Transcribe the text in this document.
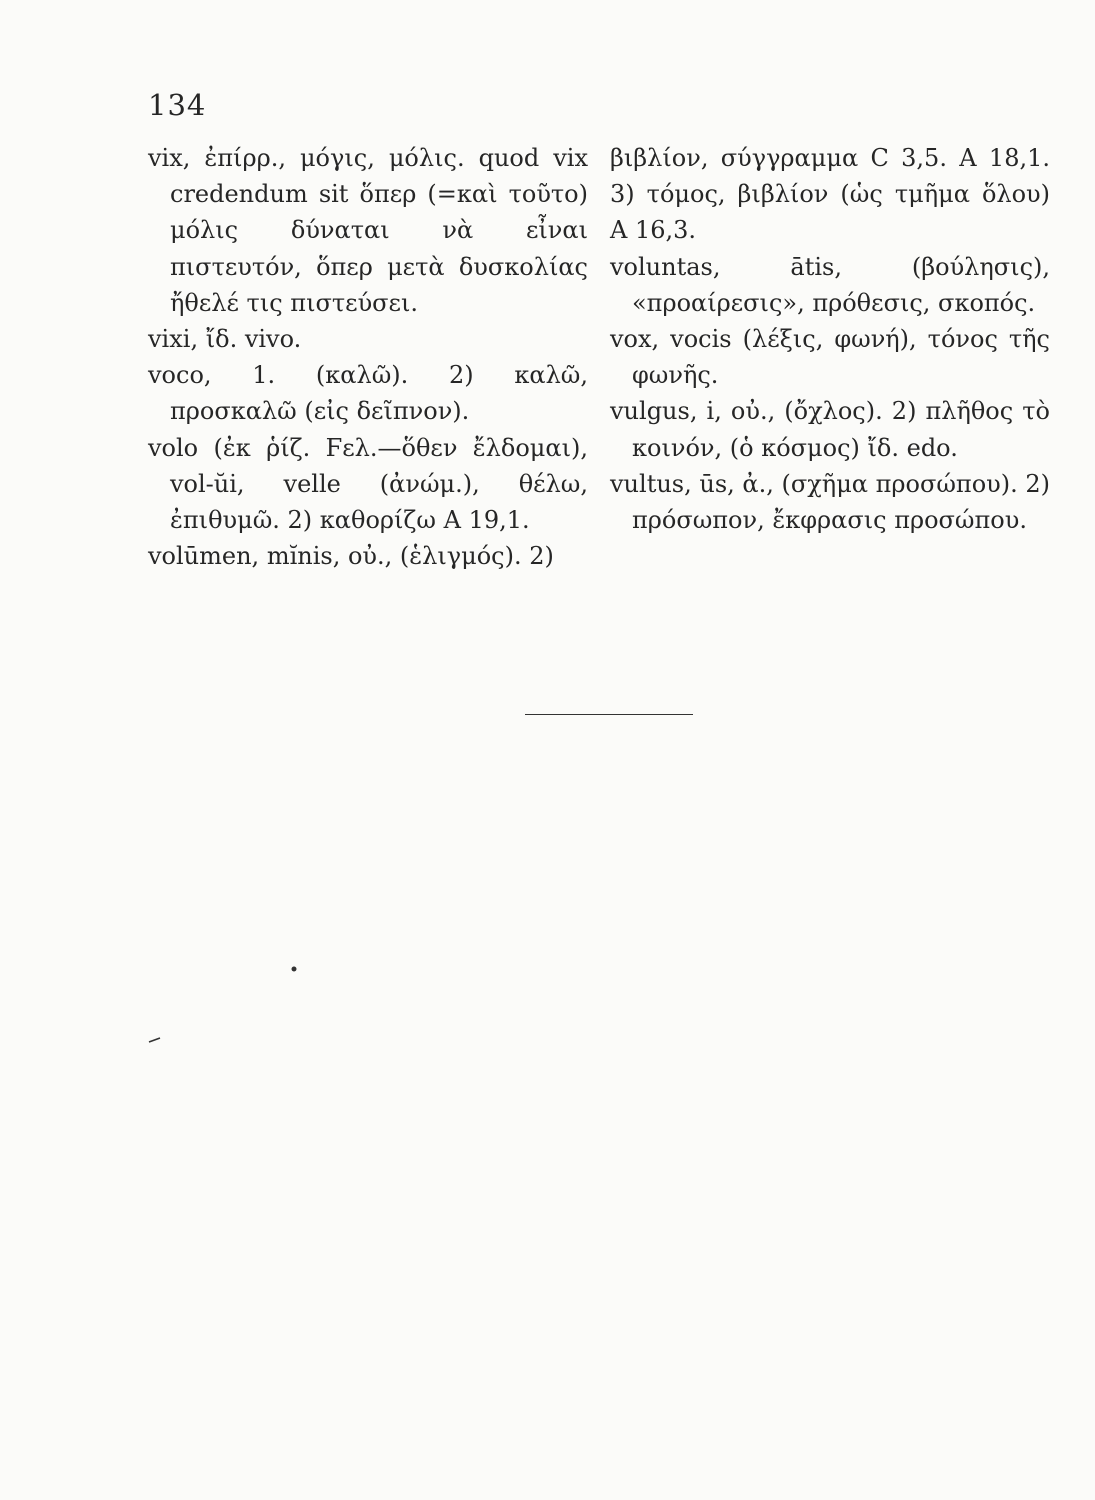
134

vix, ἐπίρρ., μόγις, μόλις. quod vix credendum sit ὅπερ (=καὶ τοῦτο) μόλις δύναται νὰ εἶναι πιστευτόν, ὅπερ μετὰ δυσκολίας ἤθελέ τις πιστεύσει.

vixi, ἴδ. vivo.

voco, 1. (καλῶ). 2) καλῶ, προσκαλῶ (εἰς δεῖπνον).

volo (ἐκ ῥίζ. Ϝελ.—ὅθεν ἔλδομαι), vol-ŭi, velle (ἀνώμ.), θέλω, ἐπιθυμῶ. 2) καθορίζω A 19,1.

volūmen, mĭnis, οὐ., (ἑλιγμός). 2)

βιβλίον, σύγγραμμα C 3,5. A 18,1. 3) τόμος, βιβλίον (ὡς τμῆμα ὅλου) A 16,3.

voluntas, ātis, (βούλησις), «προαίρεσις», πρόθεσις, σκοπός.

vox, vocis (λέξις, φωνή), τόνος τῆς φωνῆς.

vulgus, i, οὐ., (ὄχλος). 2) πλῆθος τὸ κοινόν, (ὁ κόσμος) ἴδ. edo.

vultus, ūs, ἀ., (σχῆμα προσώπου). 2) πρόσωπον, ἔκφρασις προσώπου.
